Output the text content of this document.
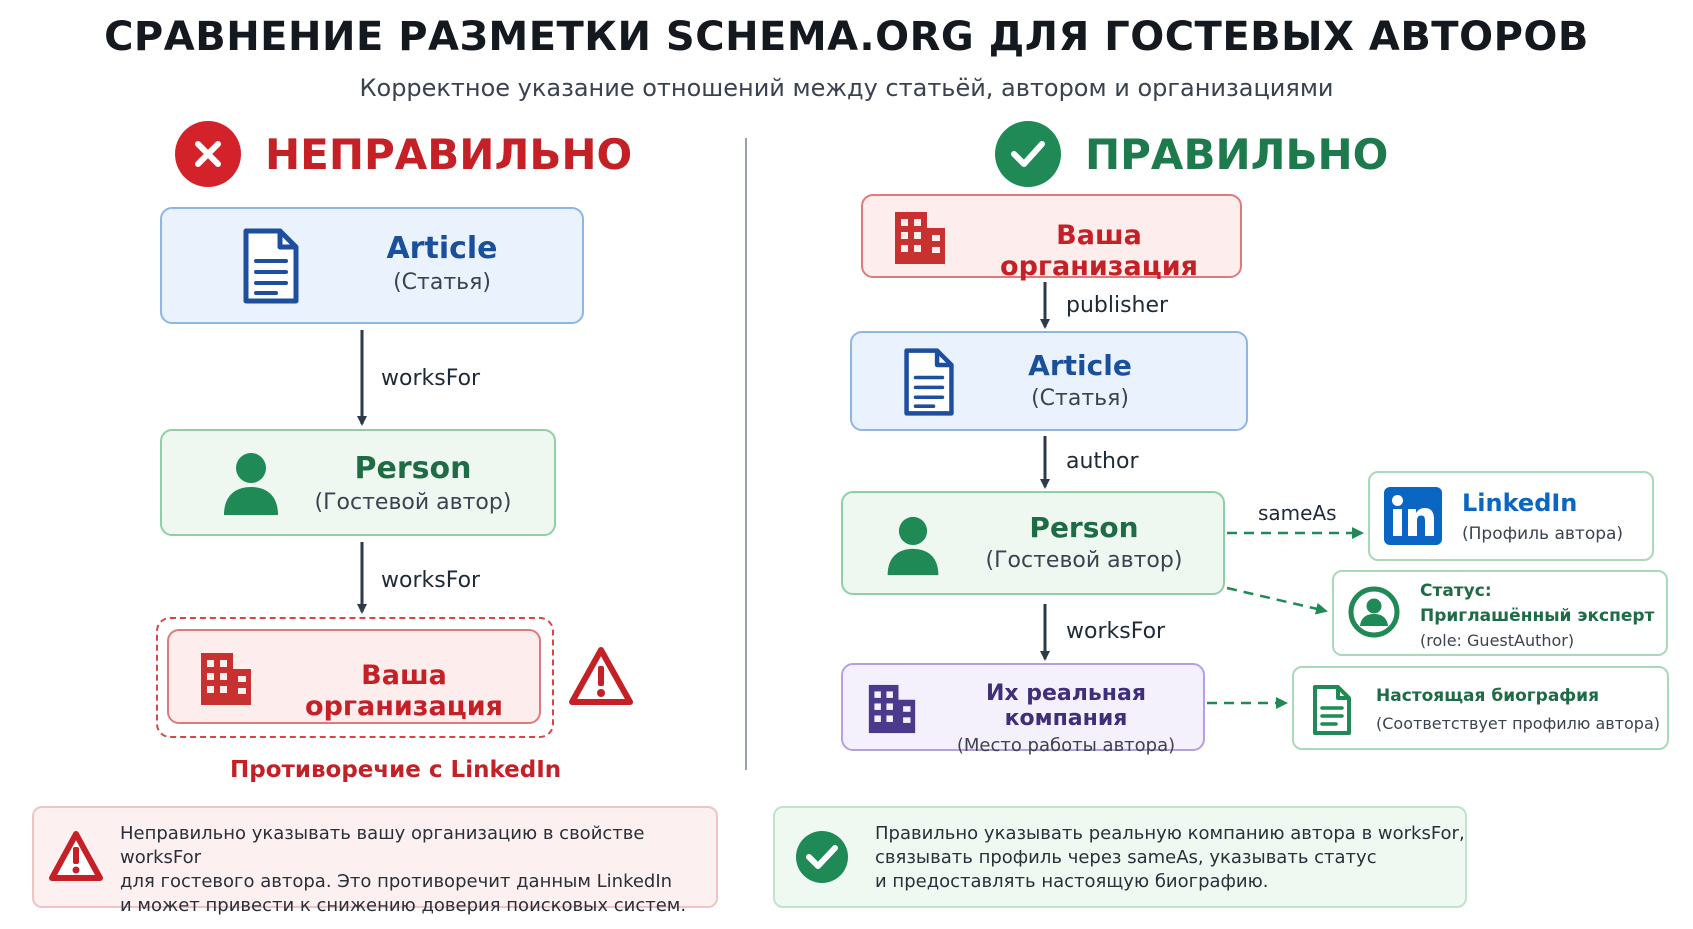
СРАВНЕНИЕ РАЗМЕТКИ SCHEMA.ORG ДЛЯ ГОСТЕВЫХ АВТОРОВ
Корректное указание отношений между статьёй, автором и организациями
НЕПРАВИЛЬНО
Article
(Статья)
worksFor
Person
(Гостевой автор)
worksFor
Ваша организация
Противоречие с LinkedIn
Неправильно указывать вашу организацию в свойстве worksFor
для гостевого автора. Это противоречит данным LinkedIn
и может привести к снижению доверия поисковых систем.
ПРАВИЛЬНО
Ваша организация
publisher
Article
(Статья)
author
Person
(Гостевой автор)
sameAs	LinkedIn
(Профиль автора)
Статус:
Приглашённый эксперт
(role: GuestAuthor)
worksFor
Их реальная компания
(Место работы автора)
Настоящая биография
(Соответствует профилю автора)
Правильно указывать реальную компанию автора в worksFor,
связывать профиль через sameAs, указывать статус
и предоставлять настоящую биографию.
